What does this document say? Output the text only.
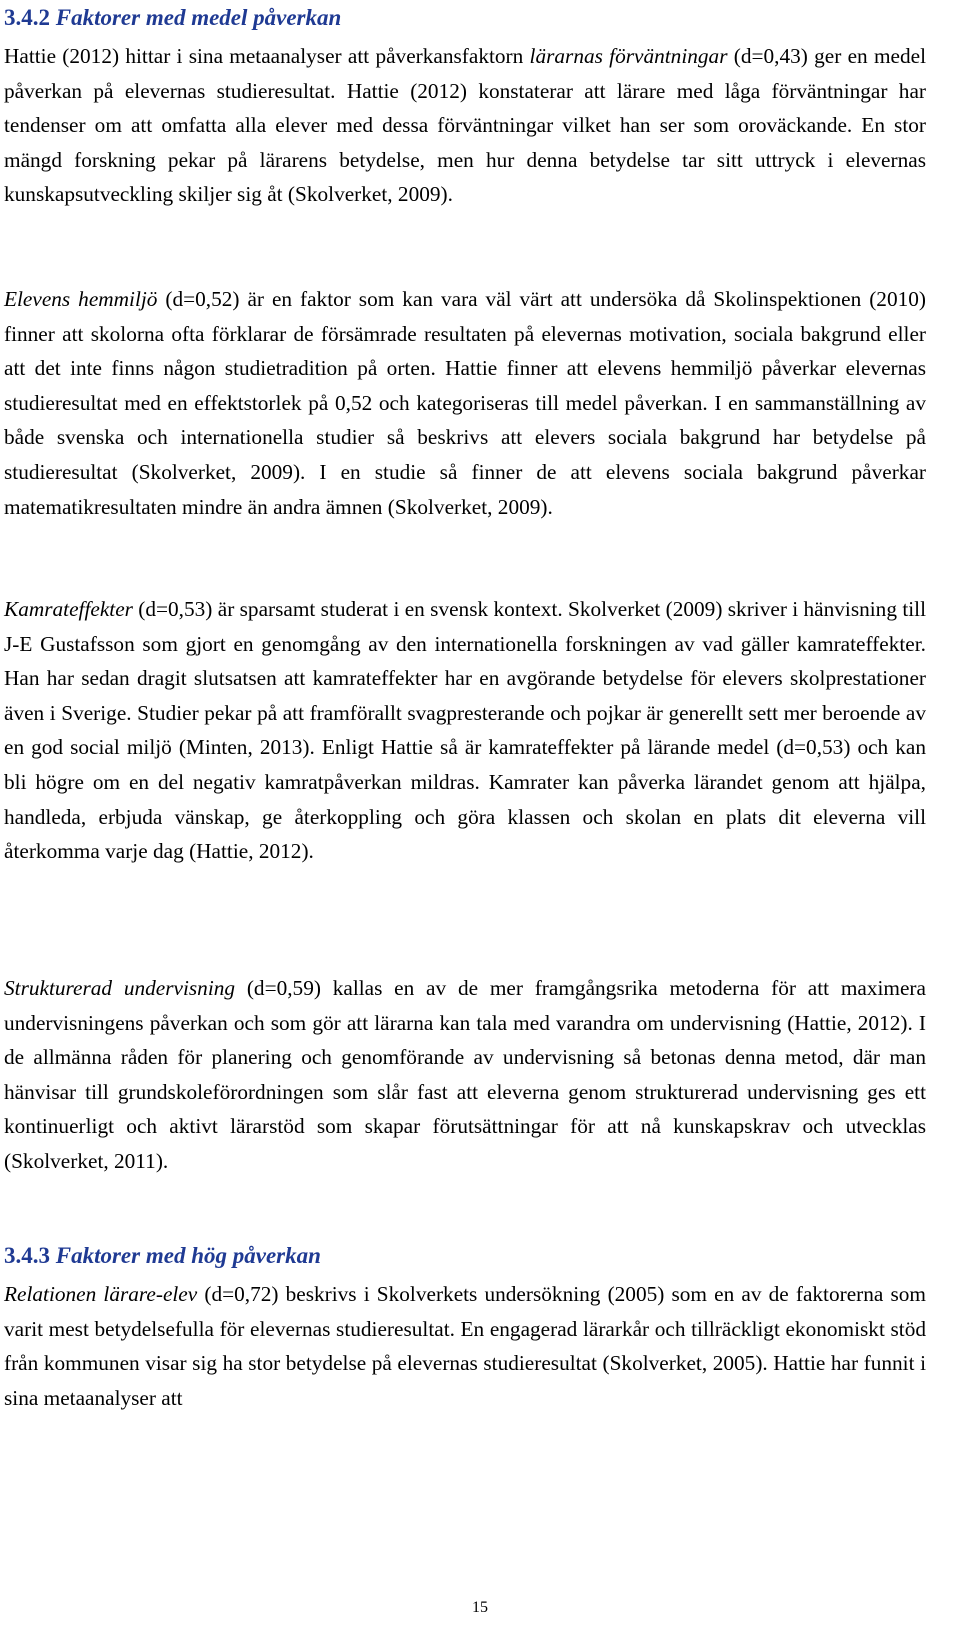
3.4.2 Faktorer med medel påverkan

Hattie (2012) hittar i sina metaanalyser att påverkansfaktorn lärarnas förväntningar (d=0,43) ger en medel påverkan på elevernas studieresultat. Hattie (2012) konstaterar att lärare med låga förväntningar har tendenser om att omfatta alla elever med dessa förväntningar vilket han ser som oroväckande. En stor mängd forskning pekar på lärarens betydelse, men hur denna betydelse tar sitt uttryck i elevernas kunskapsutveckling skiljer sig åt (Skolverket, 2009).

Elevens hemmiljö (d=0,52) är en faktor som kan vara väl värt att undersöka då Skolinspektionen (2010) finner att skolorna ofta förklarar de försämrade resultaten på elevernas motivation, sociala bakgrund eller att det inte finns någon studietradition på orten. Hattie finner att elevens hemmiljö påverkar elevernas studieresultat med en effektstorlek på 0,52 och kategoriseras till medel påverkan. I en sammanställning av både svenska och internationella studier så beskrivs att elevers sociala bakgrund har betydelse på studieresultat (Skolverket, 2009). I en studie så finner de att elevens sociala bakgrund påverkar matematikresultaten mindre än andra ämnen (Skolverket, 2009).

Kamrateffekter (d=0,53) är sparsamt studerat i en svensk kontext. Skolverket (2009) skriver i hänvisning till J-E Gustafsson som gjort en genomgång av den internationella forskningen av vad gäller kamrateffekter. Han har sedan dragit slutsatsen att kamrateffekter har en avgörande betydelse för elevers skolprestationer även i Sverige. Studier pekar på att framförallt svagpresterande och pojkar är generellt sett mer beroende av en god social miljö (Minten, 2013). Enligt Hattie så är kamrateffekter på lärande medel (d=0,53) och kan bli högre om en del negativ kamratpåverkan mildras. Kamrater kan påverka lärandet genom att hjälpa, handleda, erbjuda vänskap, ge återkoppling och göra klassen och skolan en plats dit eleverna vill återkomma varje dag (Hattie, 2012).

Strukturerad undervisning (d=0,59) kallas en av de mer framgångsrika metoderna för att maximera undervisningens påverkan och som gör att lärarna kan tala med varandra om undervisning (Hattie, 2012). I de allmänna råden för planering och genomförande av undervisning så betonas denna metod, där man hänvisar till grundskoleförordningen som slår fast att eleverna genom strukturerad undervisning ges ett kontinuerligt och aktivt lärarstöd som skapar förutsättningar för att nå kunskapskrav och utvecklas (Skolverket, 2011).

3.4.3 Faktorer med hög påverkan

Relationen lärare-elev (d=0,72) beskrivs i Skolverkets undersökning (2005) som en av de faktorerna som varit mest betydelsefulla för elevernas studieresultat. En engagerad lärarkår och tillräckligt ekonomiskt stöd från kommunen visar sig ha stor betydelse på elevernas studieresultat (Skolverket, 2005). Hattie har funnit i sina metaanalyser att

15
